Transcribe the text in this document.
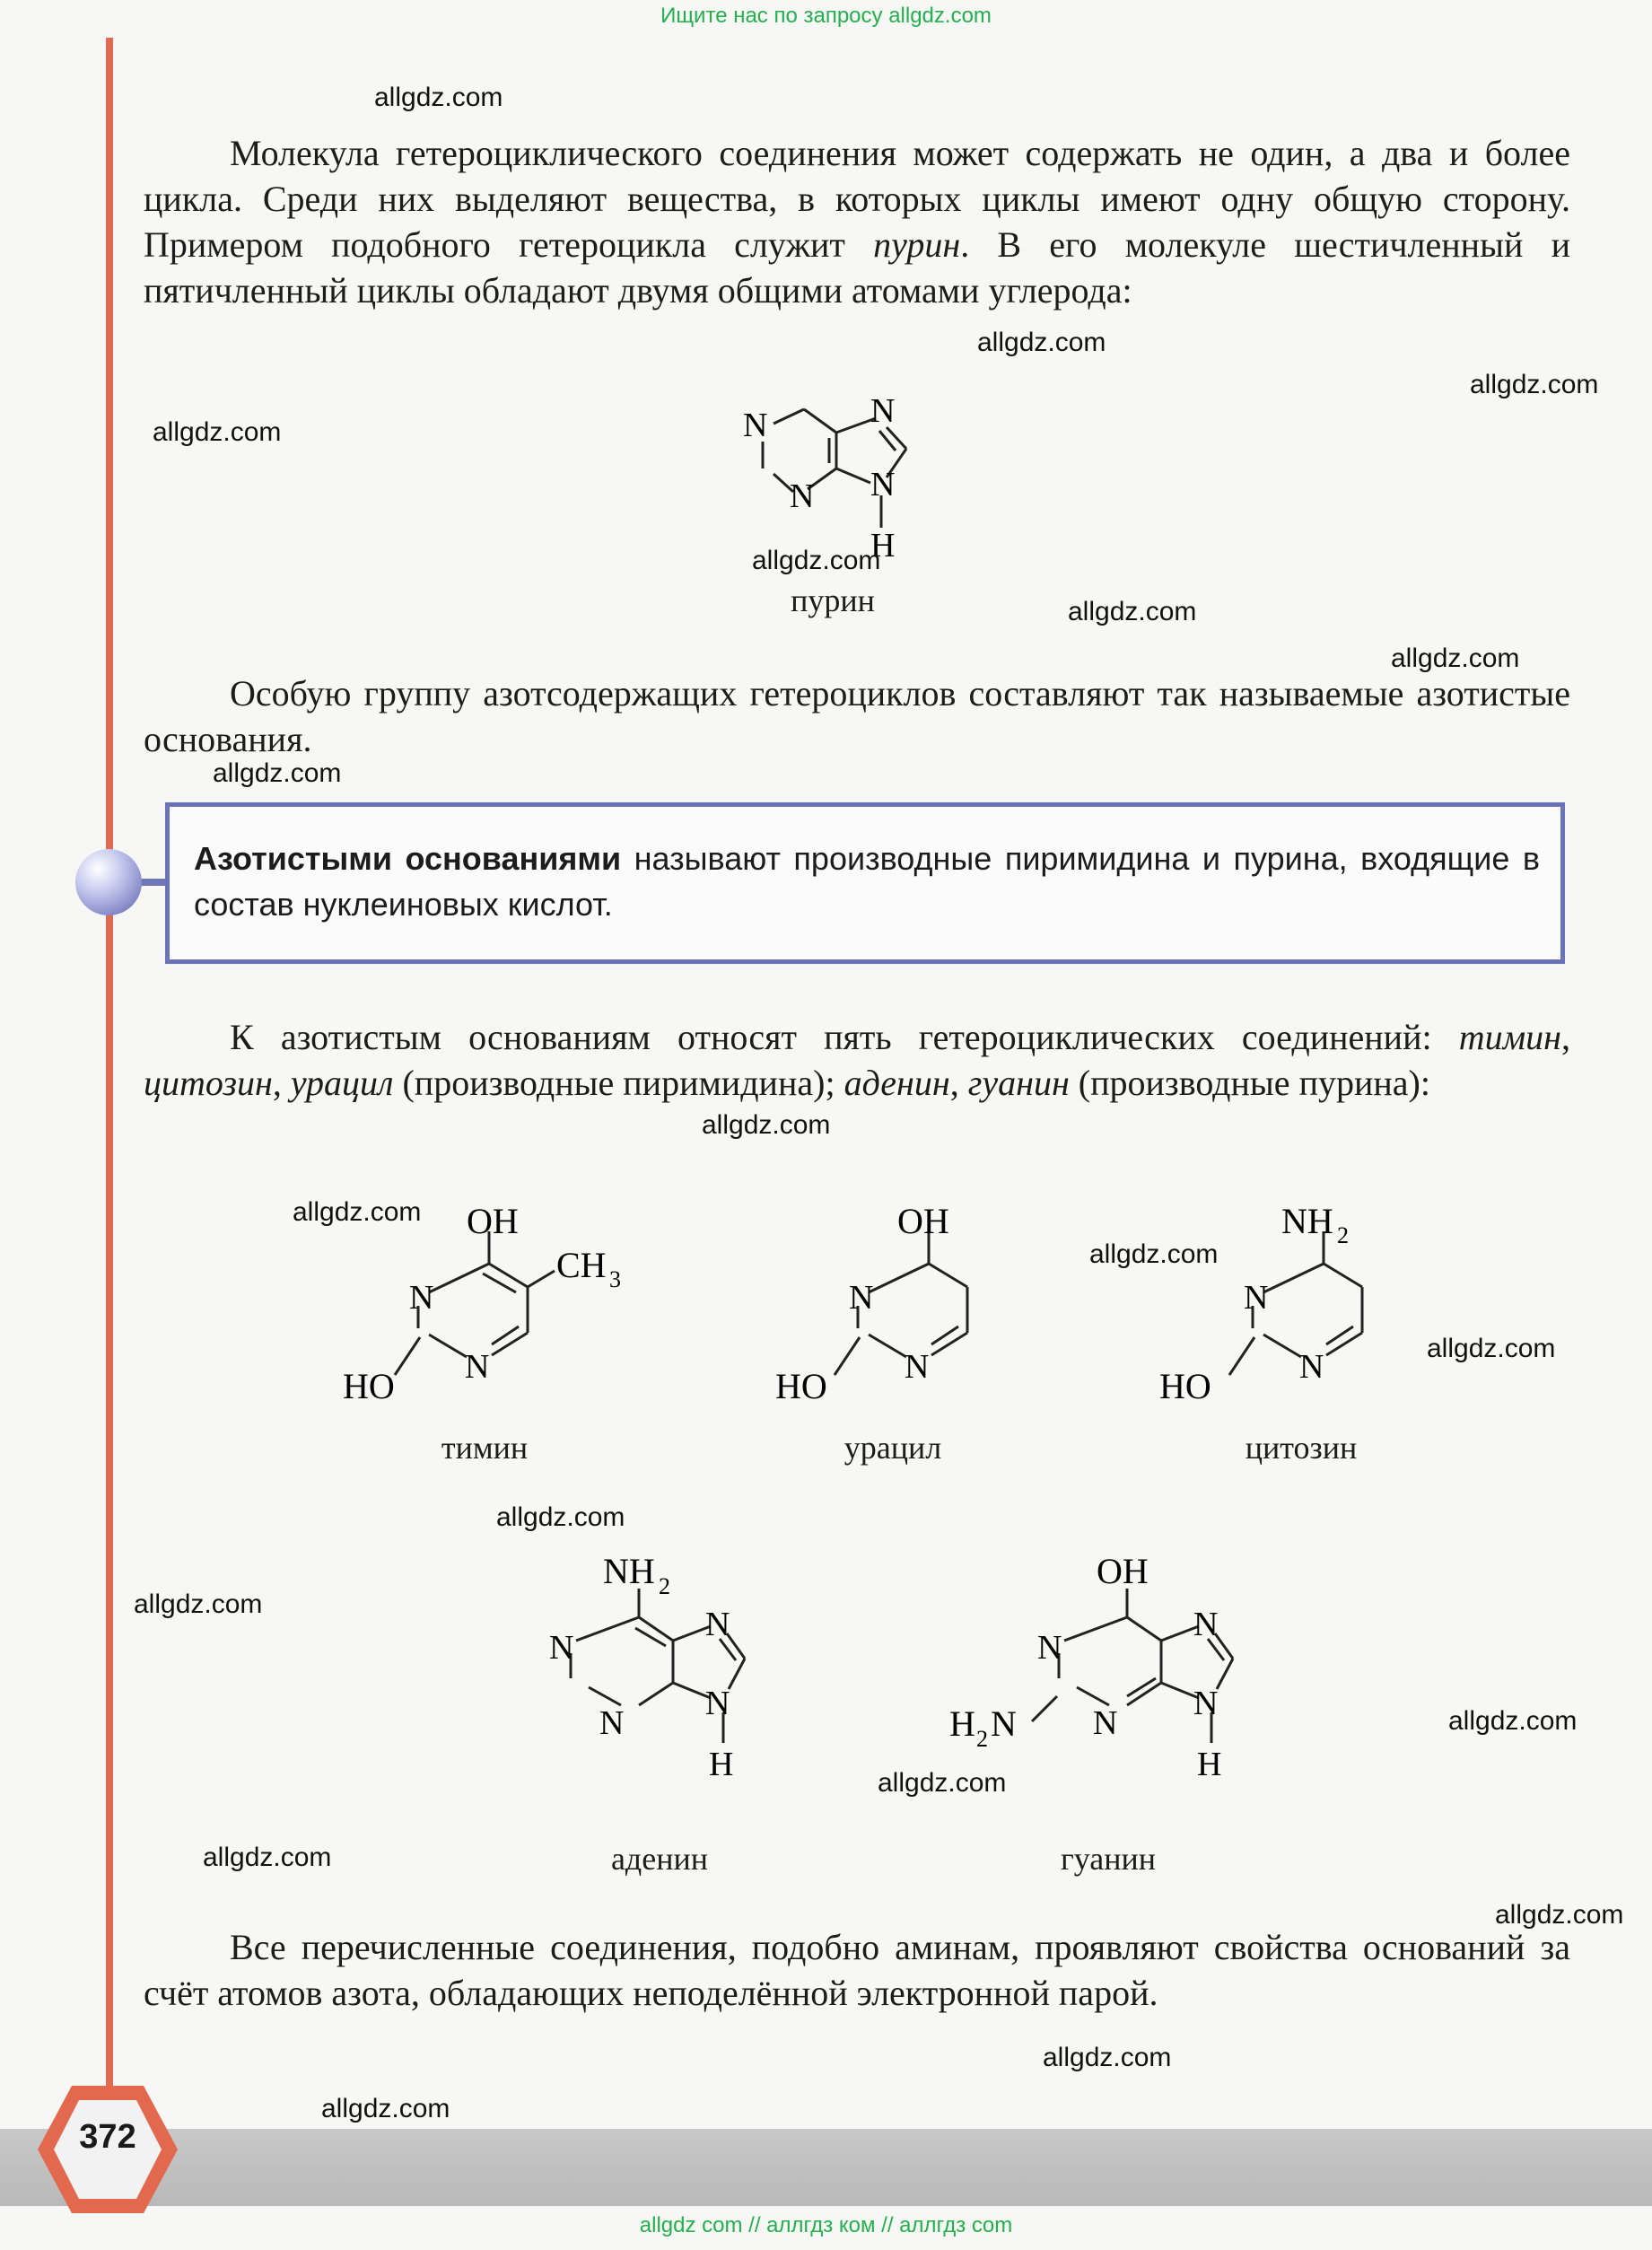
Ищите нас по запросу allgdz.com
allgdz com // аллгдз ком // аллгдз сom

Молекула гетероциклического соединения может содержать не один, а два и более цикла. Среди них выделяют вещества, в которых циклы имеют одну общую сторону. Примером подобного гетероцикла служит пурин. В его молекуле шестичленный и пятичленный циклы обладают двумя общими атомами углерода:

N
N
N
N
H
пурин

Особую группу азотсодержащих гетероциклов составляют так называемые азотистые основания.

Азотистыми основаниями называют производные пиримидина и пурина, входящие в состав нуклеиновых кислот.

К азотистым основаниям относят пять гетероциклических соединений: тимин, цитозин, урацил (производные пиримидина); аденин, гуанин (производные пурина):

OH
CH 3
N
N
HO
тимин
OH
N
N
HO
урацил
NH 2
N
N
HO
цитозин
NH 2
N
N
N
N
H
аденин
OH
N
N
N
N
H
H 2 N
гуанин

Все перечисленные соединения, подобно аминам, проявляют свойства оснований за счёт атомов азота, обладающих неподелённой электронной парой.

372
allgdz.com
allgdz.com
allgdz.com
allgdz.com
allgdz.com
allgdz.com
allgdz.com
allgdz.com
allgdz.com
allgdz.com
allgdz.com
allgdz.com
allgdz.com
allgdz.com
allgdz.com
allgdz.com
allgdz.com
allgdz.com
allgdz.com
allgdz.com
